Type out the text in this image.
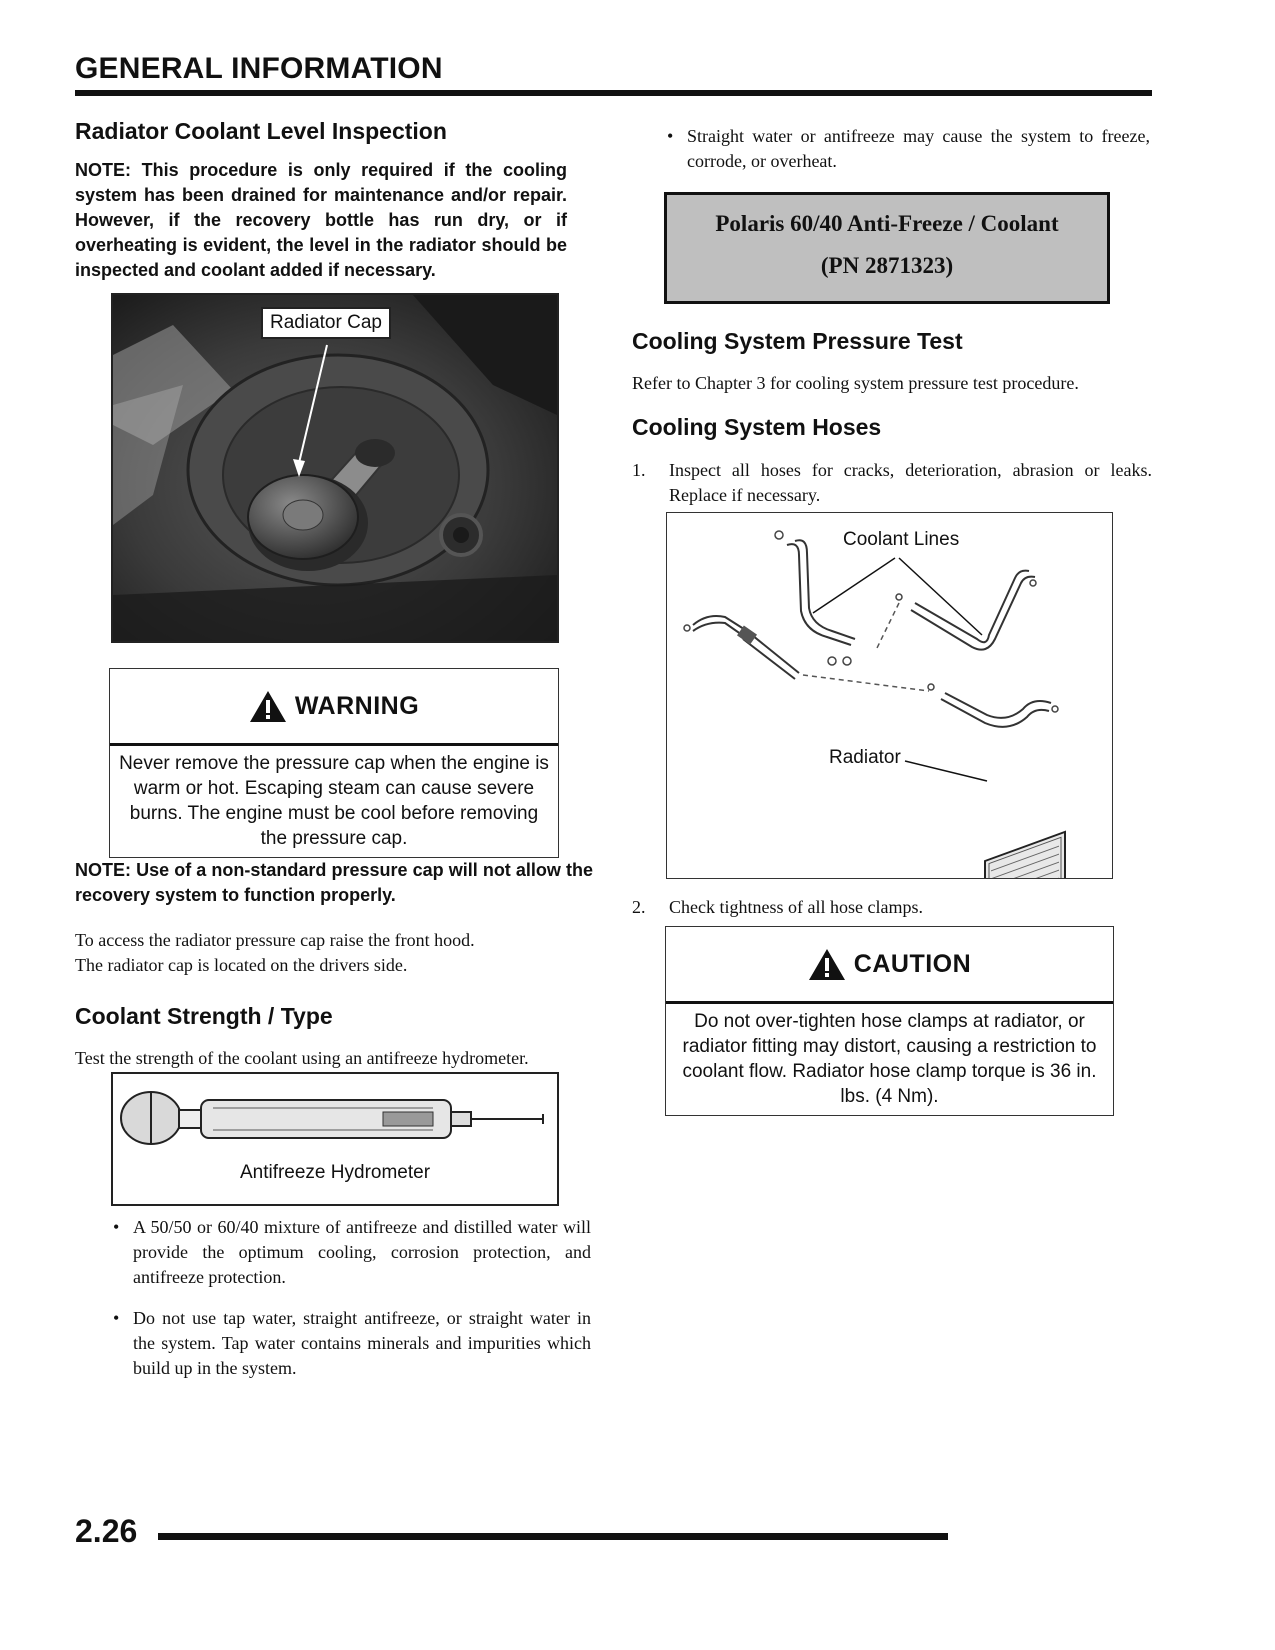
GENERAL INFORMATION
Radiator Coolant Level Inspection

NOTE: This procedure is only required if the cooling system has been drained for maintenance and/or repair. However, if the recovery bottle has run dry, or if overheating is evident, the level in the radiator should be inspected and coolant added if necessary.

Radiator Cap
WARNING
Never remove the pressure cap when the engine is warm or hot. Escaping steam can cause severe burns. The engine must be cool before removing the pressure cap.

NOTE: Use of a non-standard pressure cap will not allow the recovery system to function properly.

To access the radiator pressure cap raise the front hood.
The radiator cap is located on the drivers side.
Coolant Strength / Type

Test the strength of the coolant using an antifreeze hydrometer.

Antifreeze Hydrometer
• A 50/50 or 60/40 mixture of antifreeze and distilled water will provide the optimum cooling, corrosion protection, and antifreeze protection.
• Do not use tap water, straight antifreeze, or straight water in the system. Tap water contains minerals and impurities which build up in the system.
• Straight water or antifreeze may cause the system to freeze, corrode, or overheat.
Polaris 60/40 Anti-Freeze / Coolant
(PN 2871323)
Cooling System Pressure Test

Refer to Chapter 3 for cooling system pressure test procedure.

Cooling System Hoses
1.	Inspect all hoses for cracks, deterioration, abrasion or leaks. Replace if necessary.
Coolant Lines
Radiator
2.	Check tightness of all hose clamps.
CAUTION
Do not over-tighten hose clamps at radiator, or radiator fitting may distort, causing a restriction to coolant flow. Radiator hose clamp torque is 36 in. lbs. (4 Nm).
2.26
